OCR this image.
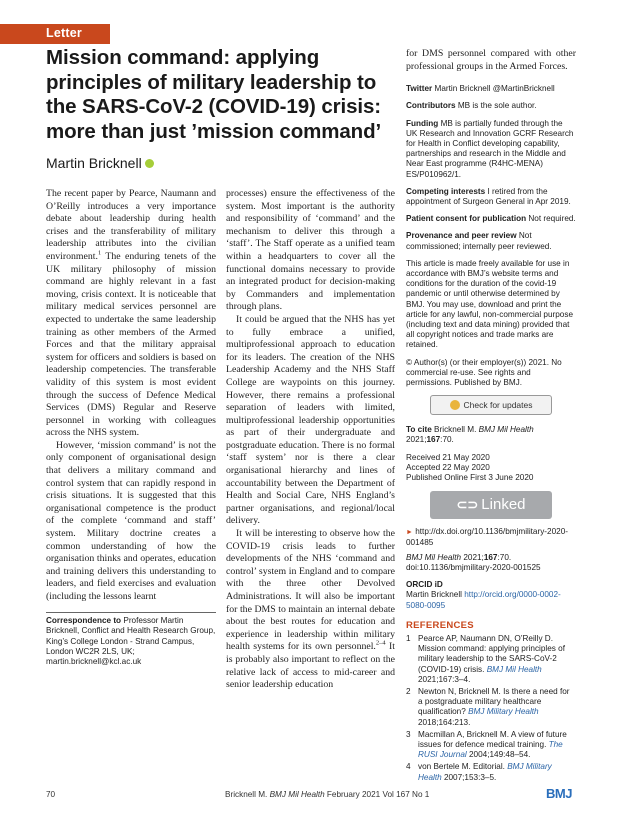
Letter
Mission command: applying principles of military leadership to the SARS-CoV-2 (COVID-19) crisis: more than just ’mission command’
Martin Bricknell

The recent paper by Pearce, Naumann and O’Reilly introduces a very importance debate about leadership during health crises and the transferability of military leadership attributes into the civilian environment.$^1$ The enduring tenets of the UK military philosophy of mission command are highly relevant in a fast moving, crisis context. It is noticeable that military medical services personnel are expected to undertake the same leadership training as other members of the Armed Forces and that the military appraisal system for officers and soldiers is based on leadership competencies. The transferable validity of this system is most evident through the success of Defence Medical Services (DMS) Regular and Reserve personnel in working with colleagues across the NHS system.

However, ‘mission command’ is not the only component of organisational design that delivers a military command and control system that can rapidly respond in crisis situations. It is suggested that this organisational competence is the product of the complete ‘command and staff’ system. Military doctrine creates a common understanding of how the organisation thinks and operates, education and training delivers this understanding to leaders, and field exercises and evaluation (including the lessons learnt

processes) ensure the effectiveness of the system. Most important is the authority and responsibility of ‘command’ and the mechanism to deliver this through a ‘staff’. The Staff operate as a unified team within a headquarters to cover all the functional domains necessary to provide an integrated product for decision-making by Commanders and implementation through plans.

It could be argued that the NHS has yet to fully embrace a unified, multiprofessional approach to education for its leaders. The creation of the NHS Leadership Academy and the NHS Staff College are waypoints on this journey. However, there remains a professional separation of leaders with limited, multiprofessional leadership opportunities as part of their undergraduate and postgraduate education. There is no formal ‘staff system’ nor is there a clear organisational hierarchy and lines of accountability between the Department of Health and Social Care, NHS England’s partner organisations, and regional/local delivery.

It will be interesting to observe how the COVID-19 crisis leads to further developments of the NHS ‘command and control’ system in England and to compare with the three other Devolved Administrations. It will also be important for the DMS to maintain an internal debate about the best routes for education and experience in leadership within military health systems for its own personnel.$^{2-4}$ It is probably also important to reflect on the relative lack of access to mid-career and senior leadership education

Correspondence to Professor Martin Bricknell, Conflict and Health Research Group, King’s College London - Strand Campus, London WC2R 2LS, UK; martin.bricknell@kcl.ac.uk
for DMS personnel compared with other professional groups in the Armed Forces.
Twitter Martin Bricknell @MartinBricknell
Contributors MB is the sole author.
Funding MB is partially funded through the UK Research and Innovation GCRF Research for Health in Conflict developing capability, partnerships and research in the Middle and Near East programme (R4HC-MENA) ES/P010962/1.
Competing interests I retired from the appointment of Surgeon General in Apr 2019.
Patient consent for publication Not required.
Provenance and peer review Not commissioned; internally peer reviewed.
This article is made freely available for use in accordance with BMJ’s website terms and conditions for the duration of the covid-19 pandemic or until otherwise determined by BMJ. You may use, download and print the article for any lawful, non-commercial purpose (including text and data mining) provided that all copyright notices and trade marks are retained.
© Author(s) (or their employer(s)) 2021. No commercial re-use. See rights and permissions. Published by BMJ.
Check for updates
To cite Bricknell M. BMJ Mil Health 2021;167:70.
Received 21 May 2020
Accepted 22 May 2020
Published Online First 3 June 2020
⊂⊃ Linked
► http://dx.doi.org/10.1136/bmjmilitary-2020-001485
BMJ Mil Health 2021;167:70.
doi:10.1136/bmjmilitary-2020-001525
ORCID iD
Martin Bricknell http://orcid.org/0000-0002-5080-0095
REFERENCES
1 Pearce AP, Naumann DN, O’Reilly D. Mission command: applying principles of military leadership to the SARS-CoV-2 (COVID-19) crisis. BMJ Mil Health 2021;167:3–4.
2 Newton N, Bricknell M. Is there a need for a postgraduate military healthcare qualification? BMJ Military Health 2018;164:213.
3 Macmillan A, Bricknell M. A view of future issues for defence medical training. The RUSI Journal 2004;149:48–54.
4 von Bertele M. Editorial. BMJ Military Health 2007;153:3–5.
70	Bricknell M. BMJ Mil Health February 2021 Vol 167 No 1	BMJ
